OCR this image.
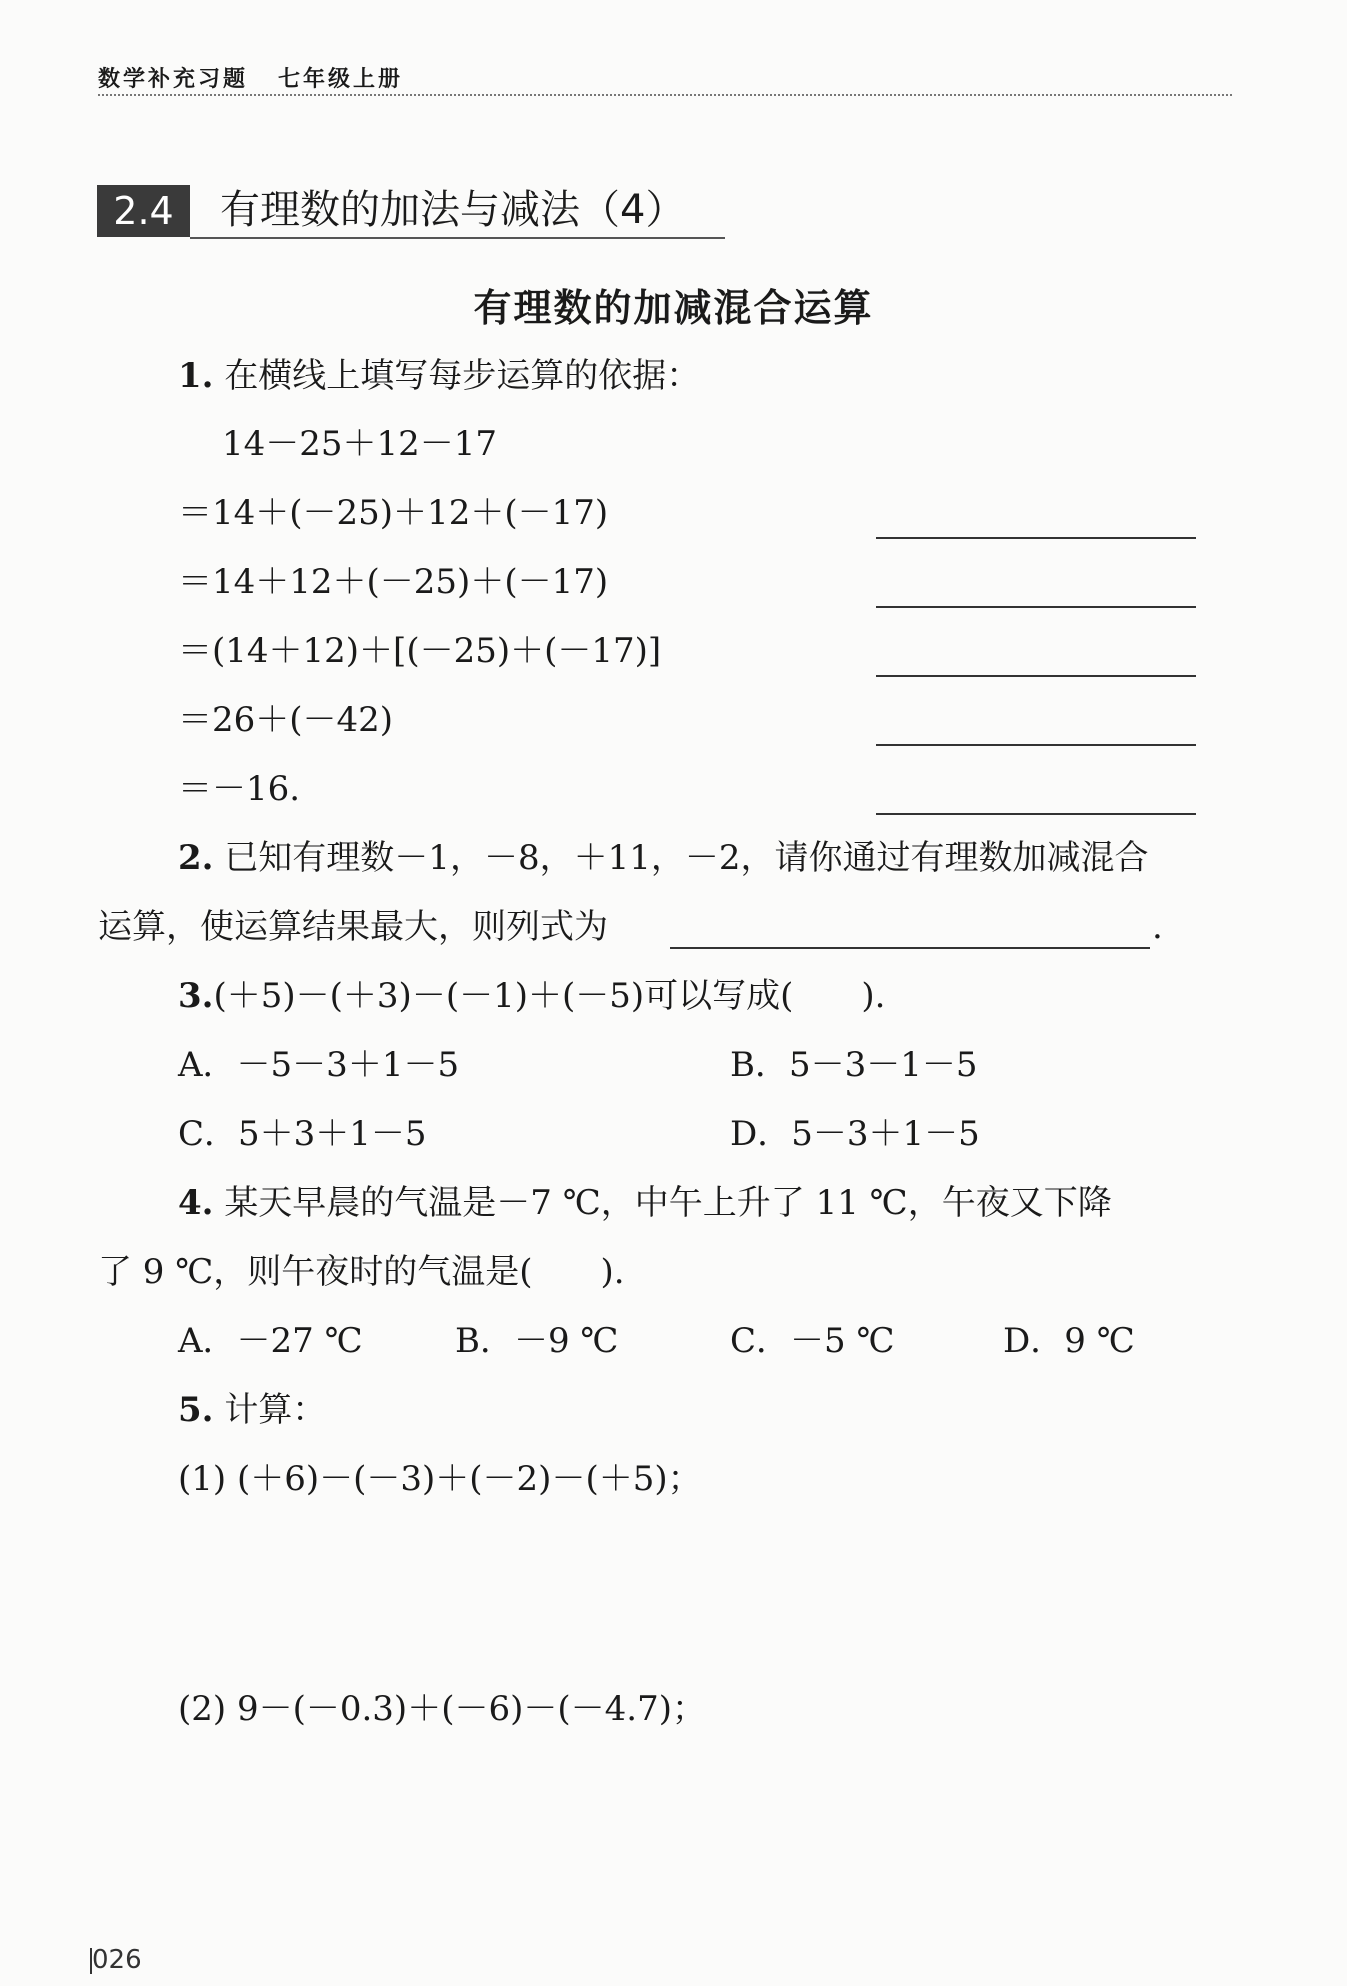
数学补充习题 七年级上册
2.4	有理数的加法与减法（4）
有理数的加减混合运算
1. 在横线上填写每步运算的依据：
14－25＋12－17
＝14＋(－25)＋12＋(－17)
＝14＋12＋(－25)＋(－17)
＝(14＋12)＋[(－25)＋(－17)]
＝26＋(－42)
＝－16.
2. 已知有理数－1，－8，＋11，－2，请你通过有理数加减混合
运算，使运算结果最大，则列式为	.
3.(＋5)－(＋3)－(－1)＋(－5)可以写成(　　).
A．－5－3＋1－5	B．5－3－1－5
C．5＋3＋1－5	D．5－3＋1－5
4. 某天早晨的气温是－7 ℃，中午上升了 11 ℃，午夜又下降
了 9 ℃，则午夜时的气温是(　　).
A．－27 ℃	B．－9 ℃	C．－5 ℃	D．9 ℃
5. 计算：
(1) (＋6)－(－3)＋(－2)－(＋5)；
(2) 9－(－0.3)＋(－6)－(－4.7)；
026
